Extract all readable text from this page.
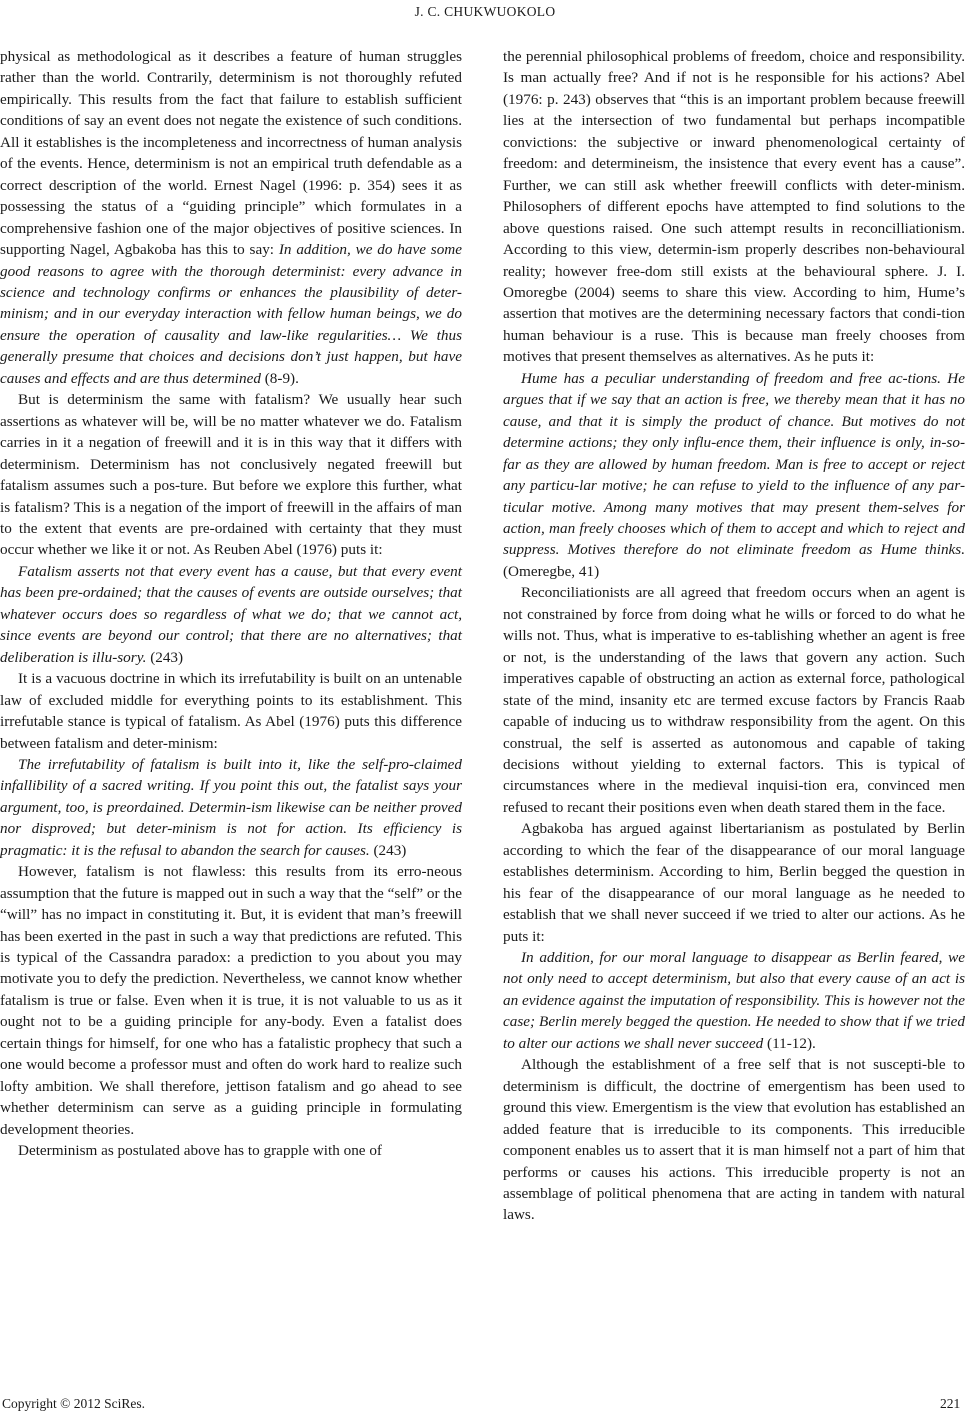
J. C. CHUKWUOKOLO

physical as methodological as it describes a feature of human struggles rather than the world. Contrarily, determinism is not thoroughly refuted empirically. This results from the fact that failure to establish sufficient conditions of say an event does not negate the existence of such conditions. All it establishes is the incompleteness and incorrectness of human analysis of the events. Hence, determinism is not an empirical truth defendable as a correct description of the world. Ernest Nagel (1996: p. 354) sees it as possessing the status of a “guiding principle” which formulates in a comprehensive fashion one of the major objectives of positive sciences. In supporting Nagel, Agbakoba has this to say: In addition, we do have some good reasons to agree with the thorough determinist: every advance in science and technology confirms or enhances the plausibility of deter-minism; and in our everyday interaction with fellow human beings, we do ensure the operation of causality and law-like regularities… We thus generally presume that choices and decisions don’t just happen, but have causes and effects and are thus determined (8-9).

But is determinism the same with fatalism? We usually hear such assertions as whatever will be, will be no matter whatever we do. Fatalism carries in it a negation of freewill and it is in this way that it differs with determinism. Determinism has not conclusively negated freewill but fatalism assumes such a pos-ture. But before we explore this further, what is fatalism? This is a negation of the import of freewill in the affairs of man to the extent that events are pre-ordained with certainty that they must occur whether we like it or not. As Reuben Abel (1976) puts it:

Fatalism asserts not that every event has a cause, but that every event has been pre-ordained; that the causes of events are outside ourselves; that whatever occurs does so regardless of what we do; that we cannot act, since events are beyond our control; that there are no alternatives; that deliberation is illu-sory. (243)

It is a vacuous doctrine in which its irrefutability is built on an untenable law of excluded middle for everything points to its establishment. This irrefutable stance is typical of fatalism. As Abel (1976) puts this difference between fatalism and deter-minism:

The irrefutability of fatalism is built into it, like the self-pro-claimed infallibility of a sacred writing. If you point this out, the fatalist says your argument, too, is preordained. Determin-ism likewise can be neither proved nor disproved; but deter-minism is not for action. Its efficiency is pragmatic: it is the refusal to abandon the search for causes. (243)

However, fatalism is not flawless: this results from its erro-neous assumption that the future is mapped out in such a way that the “self” or the “will” has no impact in constituting it. But, it is evident that man’s freewill has been exerted in the past in such a way that predictions are refuted. This is typical of the Cassandra paradox: a prediction to you about you may motivate you to defy the prediction. Nevertheless, we cannot know whether fatalism is true or false. Even when it is true, it is not valuable to us as it ought not to be a guiding principle for any-body. Even a fatalist does certain things for himself, for one who has a fatalistic prophecy that such a one would become a professor must and often do work hard to realize such lofty ambition. We shall therefore, jettison fatalism and go ahead to see whether determinism can serve as a guiding principle in formulating development theories.

Determinism as postulated above has to grapple with one of

the perennial philosophical problems of freedom, choice and responsibility. Is man actually free? And if not is he responsible for his actions? Abel (1976: p. 243) observes that “this is an important problem because freewill lies at the intersection of two fundamental but perhaps incompatible convictions: the subjective or inward phenomenological certainty of freedom: and determineism, the insistence that every event has a cause”. Further, we can still ask whether freewill conflicts with deter-minism. Philosophers of different epochs have attempted to find solutions to the above questions raised. One such attempt results in reconcilliationism. According to this view, determin-ism properly describes non-behavioural reality; however free-dom still exists at the behavioural sphere. J. I. Omoregbe (2004) seems to share this view. According to him, Hume’s assertion that motives are the determining necessary factors that condi-tion human behaviour is a ruse. This is because man freely chooses from motives that present themselves as alternatives. As he puts it:

Hume has a peculiar understanding of freedom and free ac-tions. He argues that if we say that an action is free, we thereby mean that it has no cause, and that it is simply the product of chance. But motives do not determine actions; they only influ-ence them, their influence is only, in-so-far as they are allowed by human freedom. Man is free to accept or reject any particu-lar motive; he can refuse to yield to the influence of any par-ticular motive. Among many motives that may present them-selves for action, man freely chooses which of them to accept and which to reject and suppress. Motives therefore do not eliminate freedom as Hume thinks. (Omeregbe, 41)

Reconciliationists are all agreed that freedom occurs when an agent is not constrained by force from doing what he wills or forced to do what he wills not. Thus, what is imperative to es-tablishing whether an agent is free or not, is the understanding of the laws that govern any action. Such imperatives capable of obstructing an action as external force, pathological state of the mind, insanity etc are termed excuse factors by Francis Raab capable of inducing us to withdraw responsibility from the agent. On this construal, the self is asserted as autonomous and capable of taking decisions without yielding to external factors. This is typical of circumstances where in the medieval inquisi-tion era, convinced men refused to recant their positions even when death stared them in the face.

Agbakoba has argued against libertarianism as postulated by Berlin according to which the fear of the disappearance of our moral language establishes determinism. According to him, Berlin begged the question in his fear of the disappearance of our moral language as he needed to establish that we shall never succeed if we tried to alter our actions. As he puts it:

In addition, for our moral language to disappear as Berlin feared, we not only need to accept determinism, but also that every cause of an act is an evidence against the imputation of responsibility. This is however not the case; Berlin merely begged the question. He needed to show that if we tried to alter our actions we shall never succeed (11-12).

Although the establishment of a free self that is not suscepti-ble to determinism is difficult, the doctrine of emergentism has been used to ground this view. Emergentism is the view that evolution has established an added feature that is irreducible to its components. This irreducible component enables us to assert that it is man himself not a part of him that performs or causes his actions. This irreducible property is not an assemblage of political phenomena that are acting in tandem with natural laws.

Copyright © 2012 SciRes.	221
